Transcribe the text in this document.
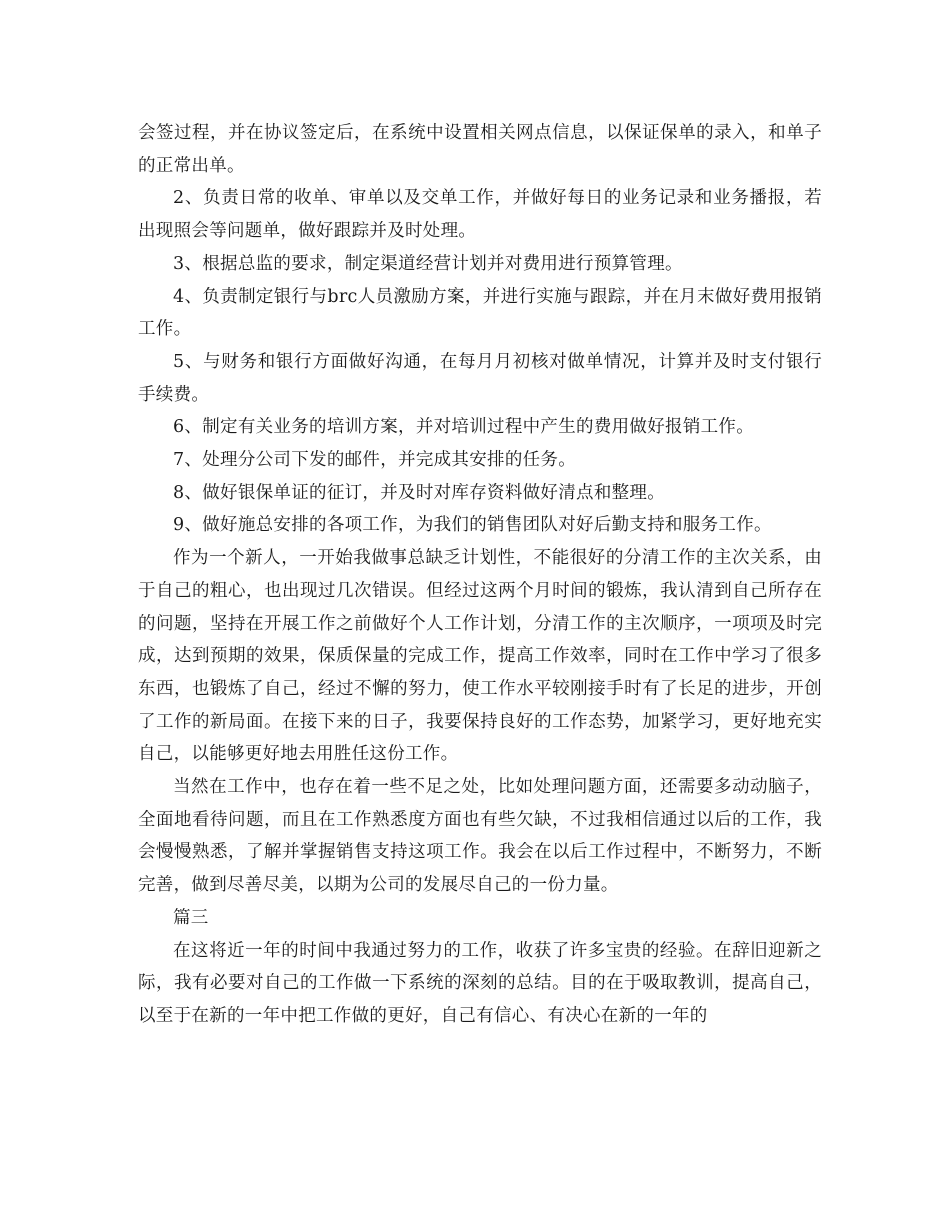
会签过程，并在协议签定后，在系统中设置相关网点信息，以保证保单的录入，和单子的正常出单。

2、负责日常的收单、审单以及交单工作，并做好每日的业务记录和业务播报，若出现照会等问题单，做好跟踪并及时处理。

3、根据总监的要求，制定渠道经营计划并对费用进行预算管理。

4、负责制定银行与brc人员激励方案，并进行实施与跟踪，并在月末做好费用报销工作。

5、与财务和银行方面做好沟通，在每月月初核对做单情况，计算并及时支付银行手续费。

6、制定有关业务的培训方案，并对培训过程中产生的费用做好报销工作。

7、处理分公司下发的邮件，并完成其安排的任务。

8、做好银保单证的征订，并及时对库存资料做好清点和整理。

9、做好施总安排的各项工作，为我们的销售团队对好后勤支持和服务工作。

作为一个新人，一开始我做事总缺乏计划性，不能很好的分清工作的主次关系，由于自己的粗心，也出现过几次错误。但经过这两个月时间的锻炼，我认清到自己所存在的问题，坚持在开展工作之前做好个人工作计划，分清工作的主次顺序，一项项及时完成，达到预期的效果，保质保量的完成工作，提高工作效率，同时在工作中学习了很多东西，也锻炼了自己，经过不懈的努力，使工作水平较刚接手时有了长足的进步，开创了工作的新局面。在接下来的日子，我要保持良好的工作态势，加紧学习，更好地充实自己，以能够更好地去用胜任这份工作。

当然在工作中，也存在着一些不足之处，比如处理问题方面，还需要多动动脑子，全面地看待问题，而且在工作熟悉度方面也有些欠缺，不过我相信通过以后的工作，我会慢慢熟悉，了解并掌握销售支持这项工作。我会在以后工作过程中，不断努力，不断完善，做到尽善尽美，以期为公司的发展尽自己的一份力量。

篇三

在这将近一年的时间中我通过努力的工作，收获了许多宝贵的经验。在辞旧迎新之际，我有必要对自己的工作做一下系统的深刻的总结。目的在于吸取教训，提高自己，以至于在新的一年中把工作做的更好，自己有信心、有决心在新的一年的
